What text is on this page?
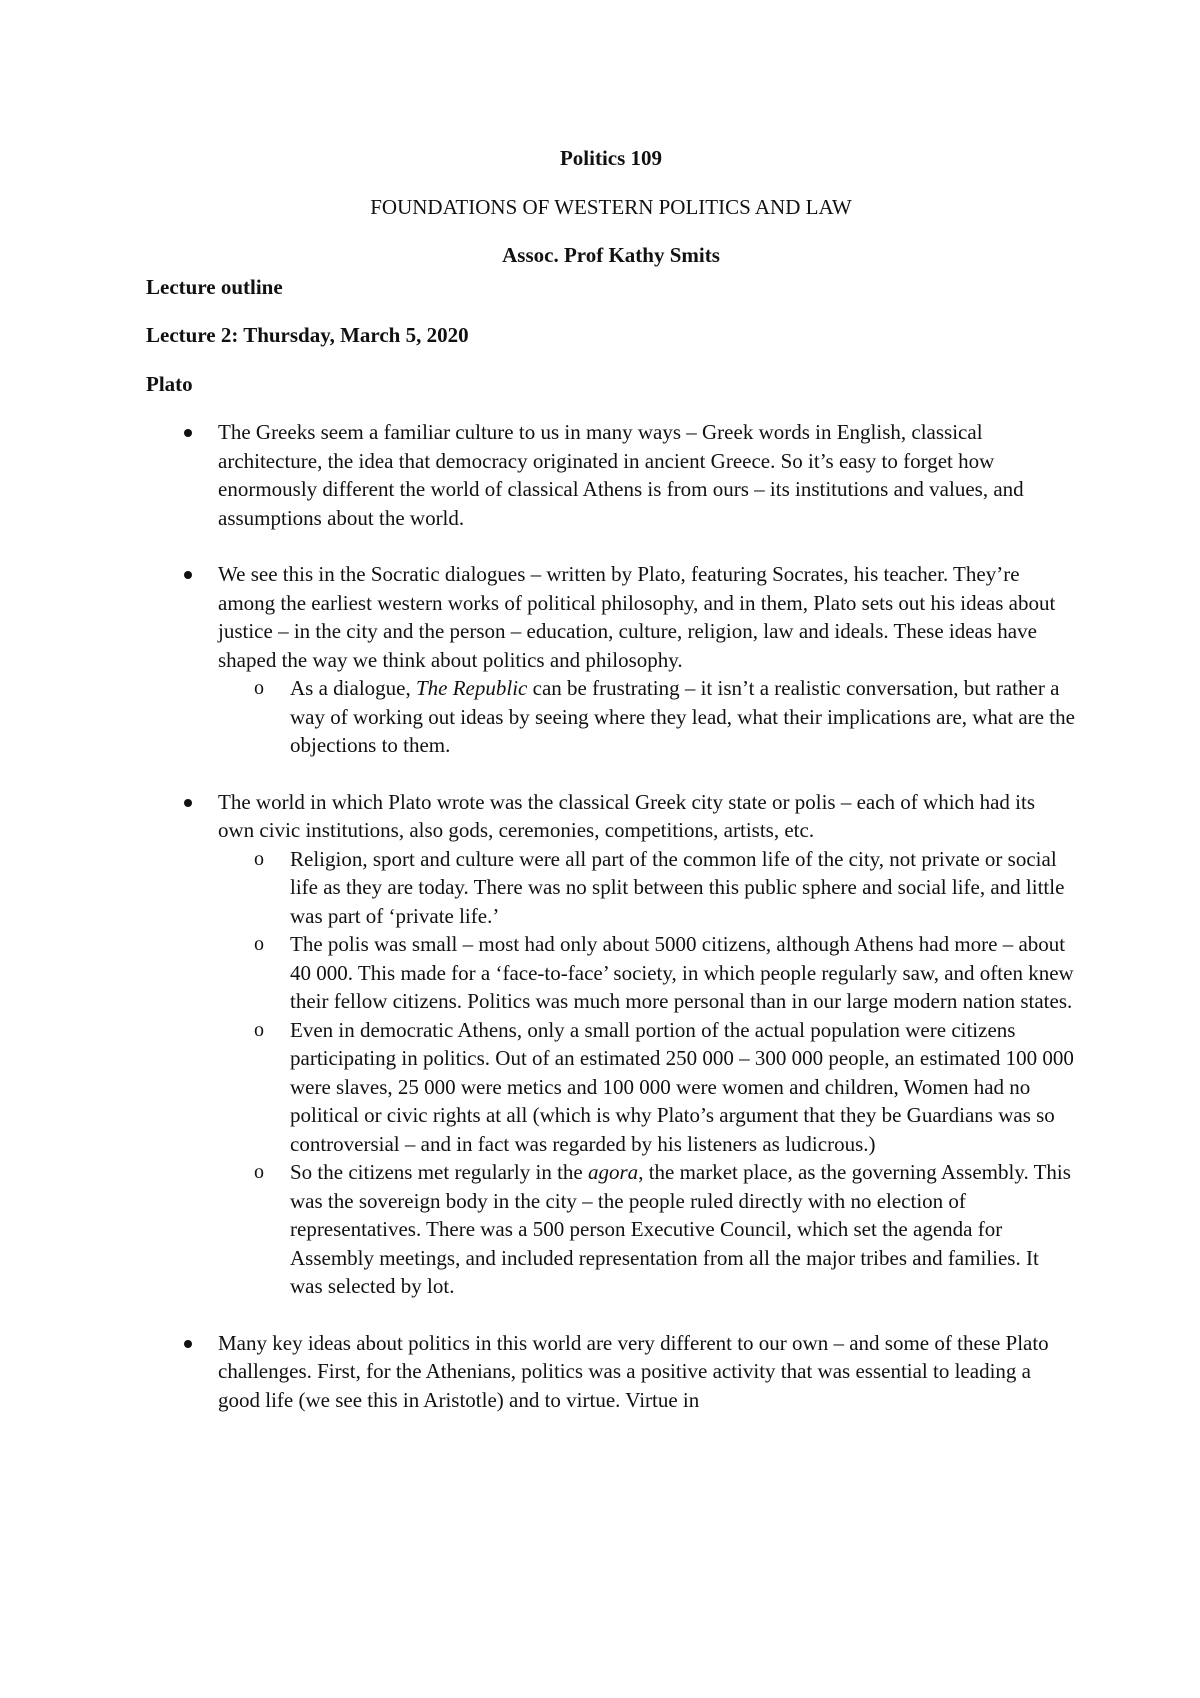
Politics 109

FOUNDATIONS OF WESTERN POLITICS AND LAW

Assoc. Prof Kathy Smits

Lecture outline

Lecture 2: Thursday, March 5, 2020

Plato

The Greeks seem a familiar culture to us in many ways – Greek words in English, classical architecture, the idea that democracy originated in ancient Greece. So it’s easy to forget how enormously different the world of classical Athens is from ours – its institutions and values, and assumptions about the world.

We see this in the Socratic dialogues – written by Plato, featuring Socrates, his teacher. They’re among the earliest western works of political philosophy, and in them, Plato sets out his ideas about justice – in the city and the person – education, culture, religion, law and ideals. These ideas have shaped the way we think about politics and philosophy.

o As a dialogue, The Republic can be frustrating – it isn’t a realistic conversation, but rather a way of working out ideas by seeing where they lead, what their implications are, what are the objections to them.

The world in which Plato wrote was the classical Greek city state or polis – each of which had its own civic institutions, also gods, ceremonies, competitions, artists, etc.

o Religion, sport and culture were all part of the common life of the city, not private or social life as they are today. There was no split between this public sphere and social life, and little was part of ‘private life.’

o The polis was small – most had only about 5000 citizens, although Athens had more – about 40 000. This made for a ‘face-to-face’ society, in which people regularly saw, and often knew their fellow citizens. Politics was much more personal than in our large modern nation states.

o Even in democratic Athens, only a small portion of the actual population were citizens participating in politics. Out of an estimated 250 000 – 300 000 people, an estimated 100 000 were slaves, 25 000 were metics and 100 000 were women and children, Women had no political or civic rights at all (which is why Plato’s argument that they be Guardians was so controversial – and in fact was regarded by his listeners as ludicrous.)

o So the citizens met regularly in the agora, the market place, as the governing Assembly. This was the sovereign body in the city – the people ruled directly with no election of representatives. There was a 500 person Executive Council, which set the agenda for Assembly meetings, and included representation from all the major tribes and families. It was selected by lot.

Many key ideas about politics in this world are very different to our own – and some of these Plato challenges. First, for the Athenians, politics was a positive activity that was essential to leading a good life (we see this in Aristotle) and to virtue. Virtue in
